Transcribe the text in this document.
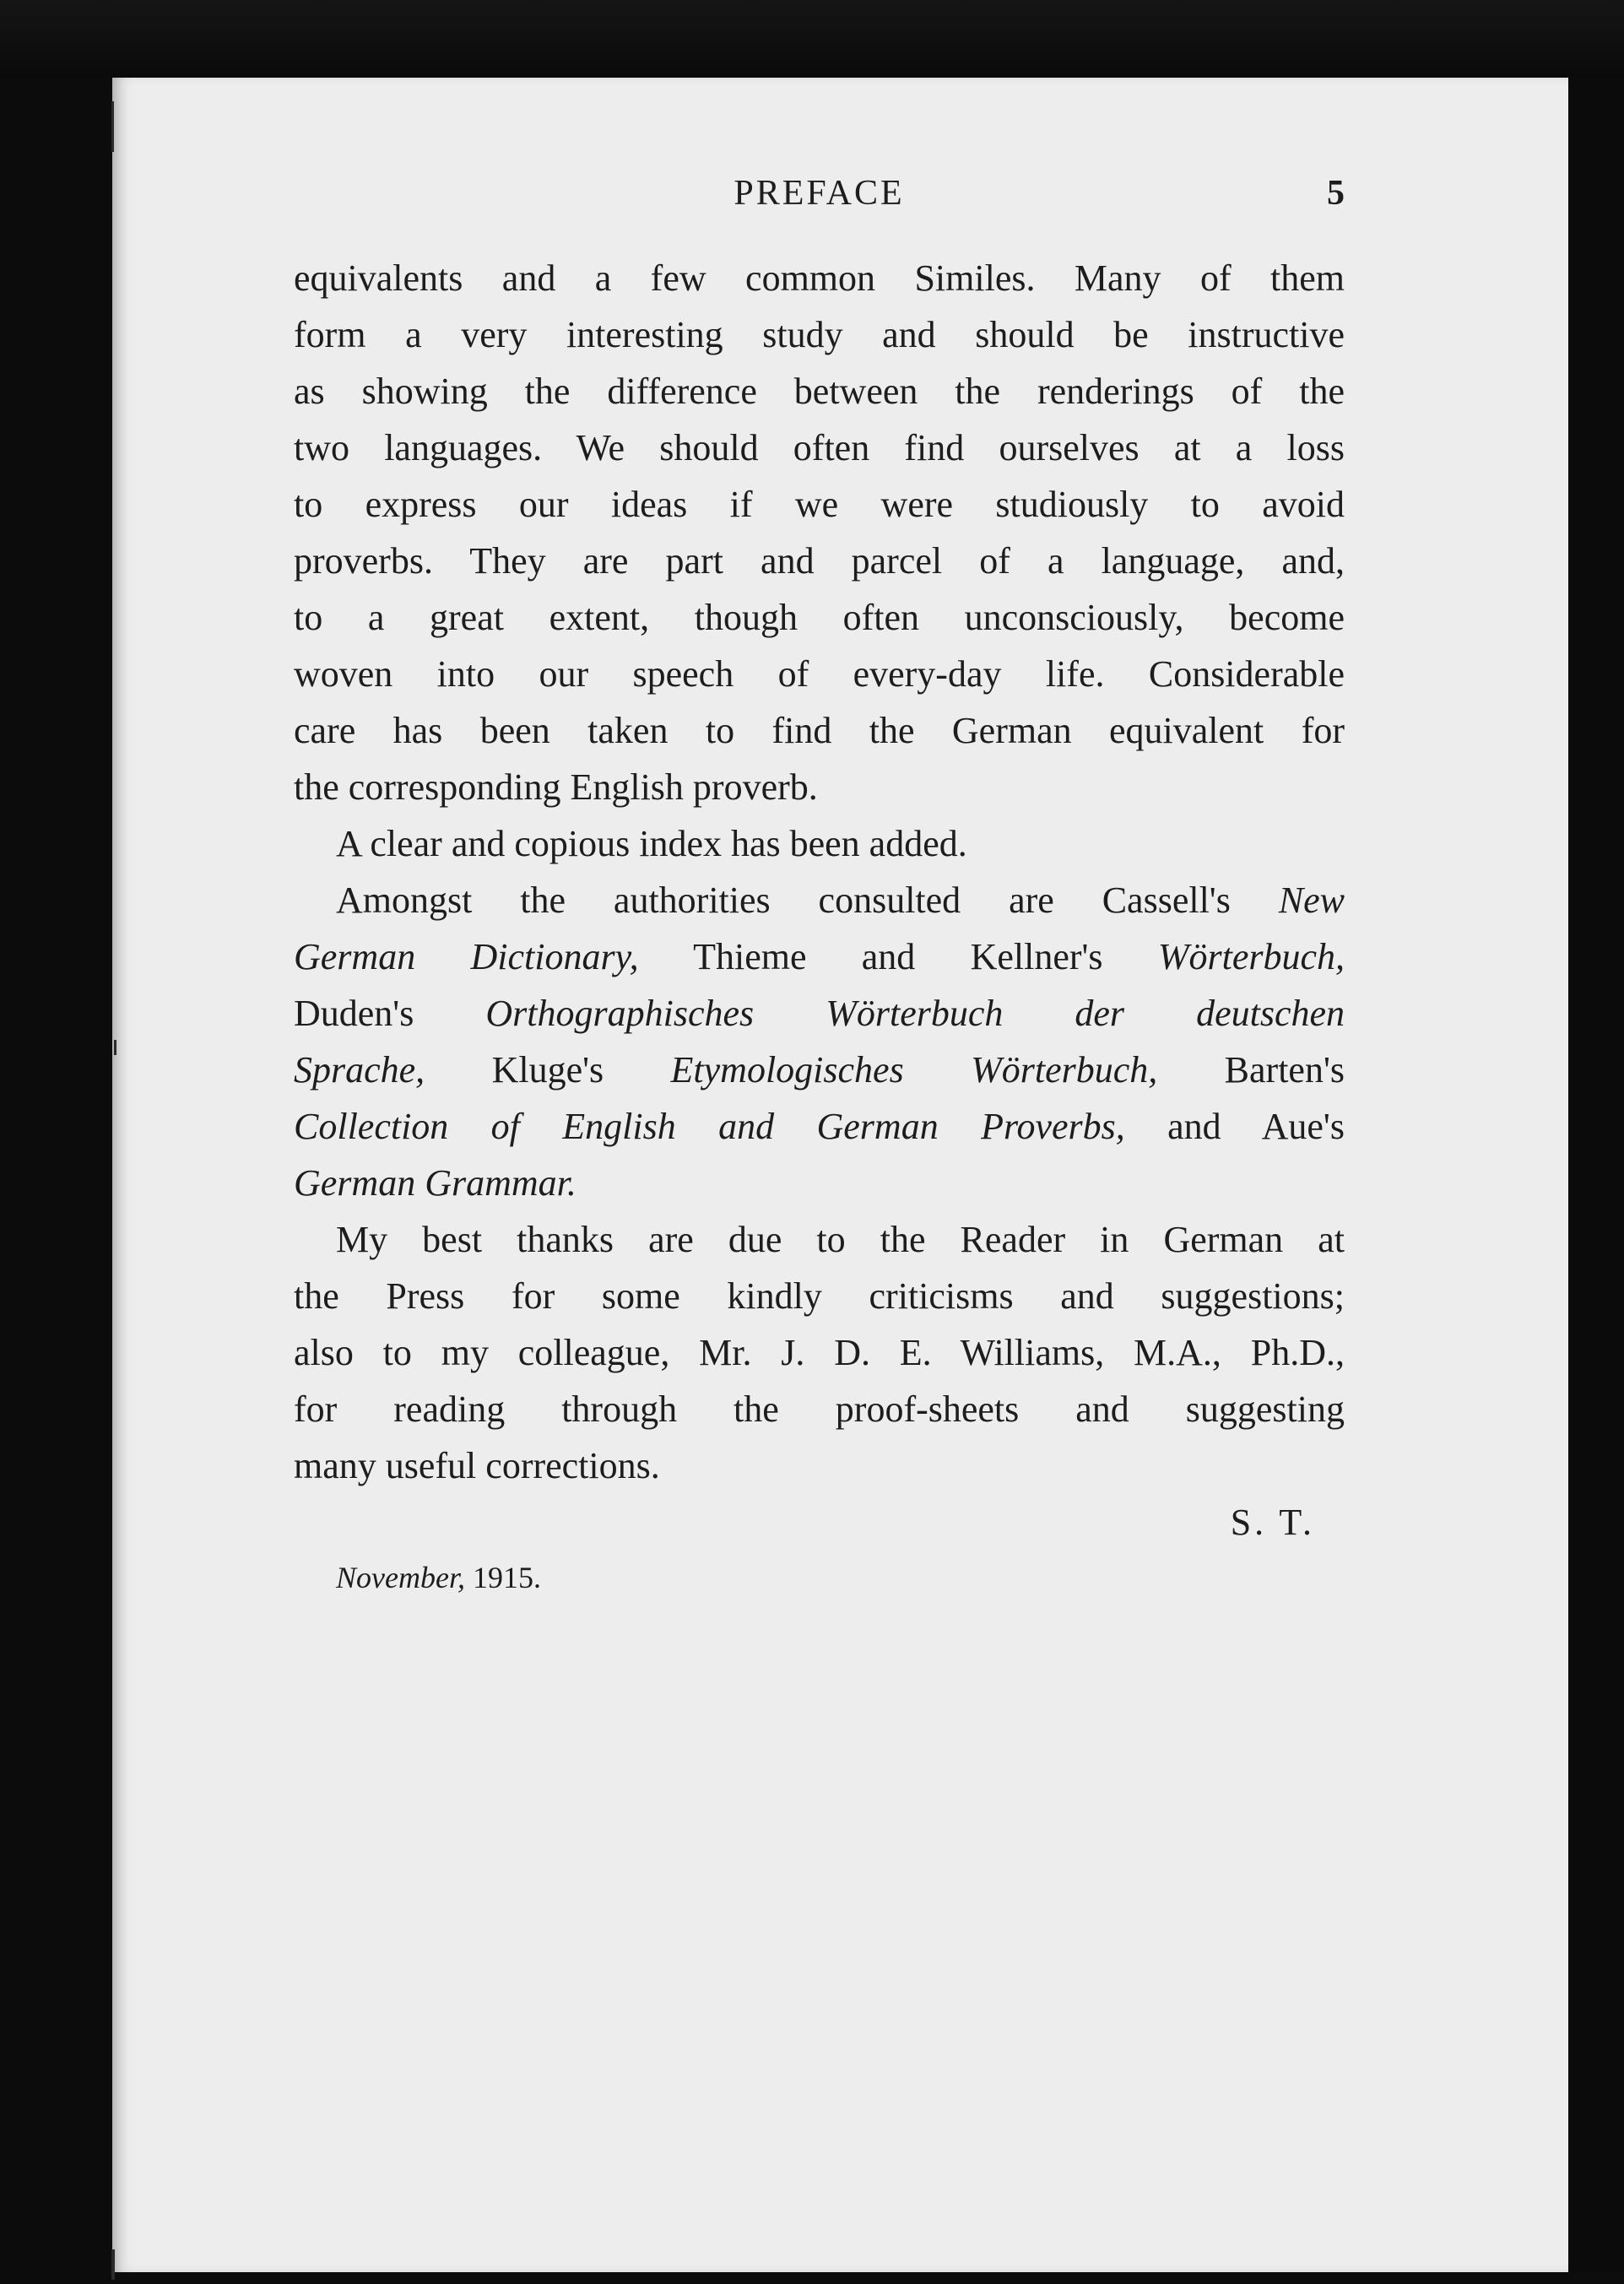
PREFACE	5
equivalents and a few common Similes. Many of them
form a very interesting study and should be instructive
as showing the difference between the renderings of the
two languages. We should often find ourselves at a loss
to express our ideas if we were studiously to avoid
proverbs. They are part and parcel of a language, and,
to a great extent, though often unconsciously, become
woven into our speech of every-day life. Considerable
care has been taken to find the German equivalent for
the corresponding English proverb.
A clear and copious index has been added.
Amongst the authorities consulted are Cassell's New
German Dictionary, Thieme and Kellner's Wörterbuch,
Duden's Orthographisches Wörterbuch der deutschen
Sprache, Kluge's Etymologisches Wörterbuch, Barten's
Collection of English and German Proverbs, and Aue's
German Grammar.
My best thanks are due to the Reader in German at
the Press for some kindly criticisms and suggestions;
also to my colleague, Mr. J. D. E. Williams, M.A., Ph.D.,
for reading through the proof-sheets and suggesting
many useful corrections.
S. T.
November, 1915.
